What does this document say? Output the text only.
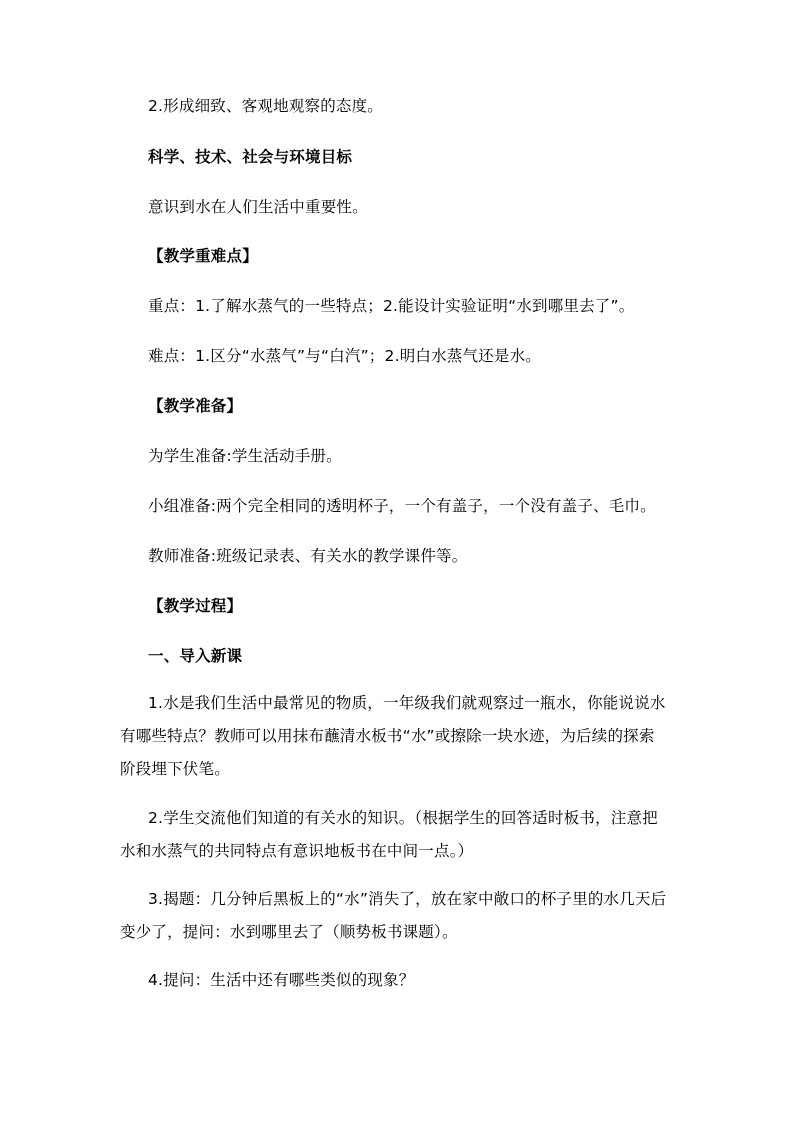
2.形成细致、客观地观察的态度。
科学、技术、社会与环境目标
意识到水在人们生活中重要性。
【教学重难点】
重点：1.了解水蒸气的一些特点；2.能设计实验证明“水到哪里去了”。
难点：1.区分“水蒸气”与“白汽”；2.明白水蒸气还是水。
【教学准备】
为学生准备:学生活动手册。
小组准备:两个完全相同的透明杯子，一个有盖子，一个没有盖子、毛巾。
教师准备:班级记录表、有关水的教学课件等。
【教学过程】
一、导入新课
1.水是我们生活中最常见的物质，一年级我们就观察过一瓶水，你能说说水有哪些特点？教师可以用抹布蘸清水板书“水”或擦除一块水迹，为后续的探索阶段埋下伏笔。
2.学生交流他们知道的有关水的知识。（根据学生的回答适时板书，注意把水和水蒸气的共同特点有意识地板书在中间一点。）
3.揭题：几分钟后黑板上的“水”消失了，放在家中敞口的杯子里的水几天后变少了，提问：水到哪里去了（顺势板书课题）。
4.提问：生活中还有哪些类似的现象？
